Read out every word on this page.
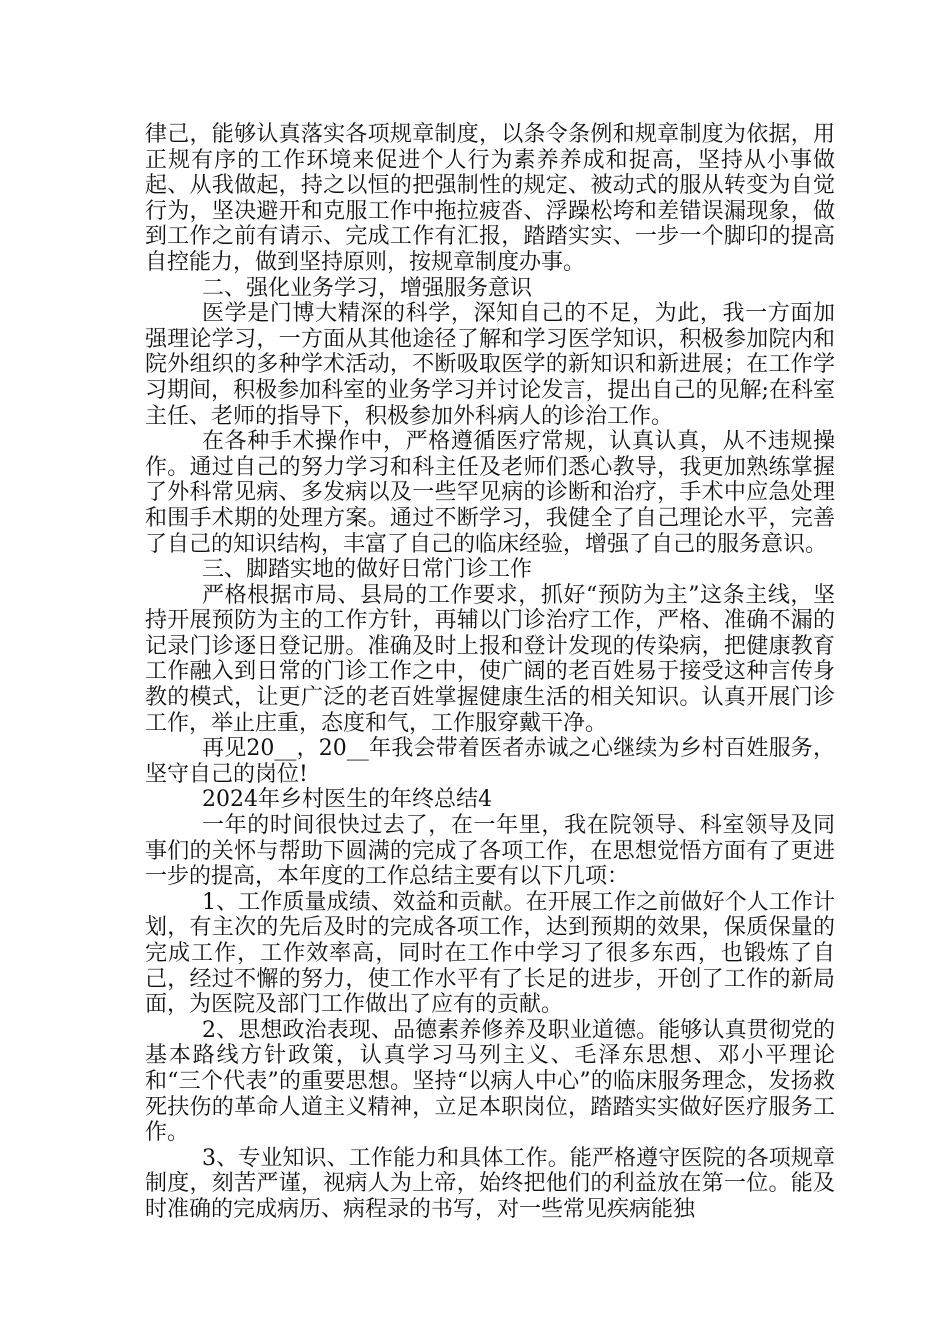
律己，能够认真落实各项规章制度，以条令条例和规章制度为依据，用正规有序的工作环境来促进个人行为素养养成和捉高，坚持从小事做起、从我做起，持之以恒的把强制性的规定、被动式的服从转变为自觉行为，坚决避开和克服工作中拖拉疲沓、浮躁松垮和差错误漏现象，做到工作之前有请示、完成工作有汇报，踏踏实实、一步一个脚印的提高自控能力，做到坚持原则，按规章制度办事。

二、强化业务学习，增强服务意识

医学是门博大精深的科学，深知自己的不足，为此，我一方面加强理论学习，一方面从其他途径了解和学习医学知识，积极参加院内和院外组织的多种学术活动，不断吸取医学的新知识和新进展；在工作学习期间，积极参加科室的业务学习并讨论发言，提出自己的见解;在科室主任、老师的指导下，积极参加外科病人的诊治工作。

在各种手术操作中，严格遵循医疗常规，认真认真，从不违规操作。通过自己的努力学习和科主任及老师们悉心教导，我更加熟练掌握了外科常见病、多发病以及一些罕见病的诊断和治疗，手术中应急处理和围手术期的处理方案。通过不断学习，我健全了自己理论水平，完善了自己的知识结构，丰富了自己的临床经验，增强了自己的服务意识。

三、脚踏实地的做好日常门诊工作

严格根据市局、县局的工作要求，抓好“预防为主”这条主线，坚持开展预防为主的工作方针，再辅以门诊治疗工作，严格、准确不漏的记录门诊逐日登记册。准确及时上报和登计发现的传染病，把健康教育工作融入到日常的门诊工作之中，使广阔的老百姓易于接受这种言传身教的模式，让更广泛的老百姓掌握健康生活的相关知识。认真开展门诊工作，举止庄重，态度和气，工作服穿戴干净。

再见20__，20__年我会带着医者赤诚之心继续为乡村百姓服务，坚守自己的岗位!

2024年乡村医生的年终总结4

一年的时间很快过去了，在一年里，我在院领导、科室领导及同事们的关怀与帮助下圆满的完成了各项工作，在思想觉悟方面有了更进一步的提高，本年度的工作总结主要有以下几项：

1、工作质量成绩、效益和贡献。在开展工作之前做好个人工作计划，有主次的先后及时的完成各项工作，达到预期的效果，保质保量的完成工作，工作效率高，同时在工作中学习了很多东西，也锻炼了自己，经过不懈的努力，使工作水平有了长足的进步，开创了工作的新局面，为医院及部门工作做出了应有的贡献。

2、思想政治表现、品德素养修养及职业道德。能够认真贯彻党的基本路线方针政策，认真学习马列主义、毛泽东思想、邓小平理论和“三个代表”的重要思想。坚持“以病人中心”的临床服务理念，发扬救死扶伤的革命人道主义精神，立足本职岗位，踏踏实实做好医疗服务工作。

3、专业知识、工作能力和具体工作。能严格遵守医院的各项规章制度，刻苦严谨，视病人为上帝，始终把他们的利益放在第一位。能及时准确的完成病历、病程录的书写，对一些常见疾病能独
